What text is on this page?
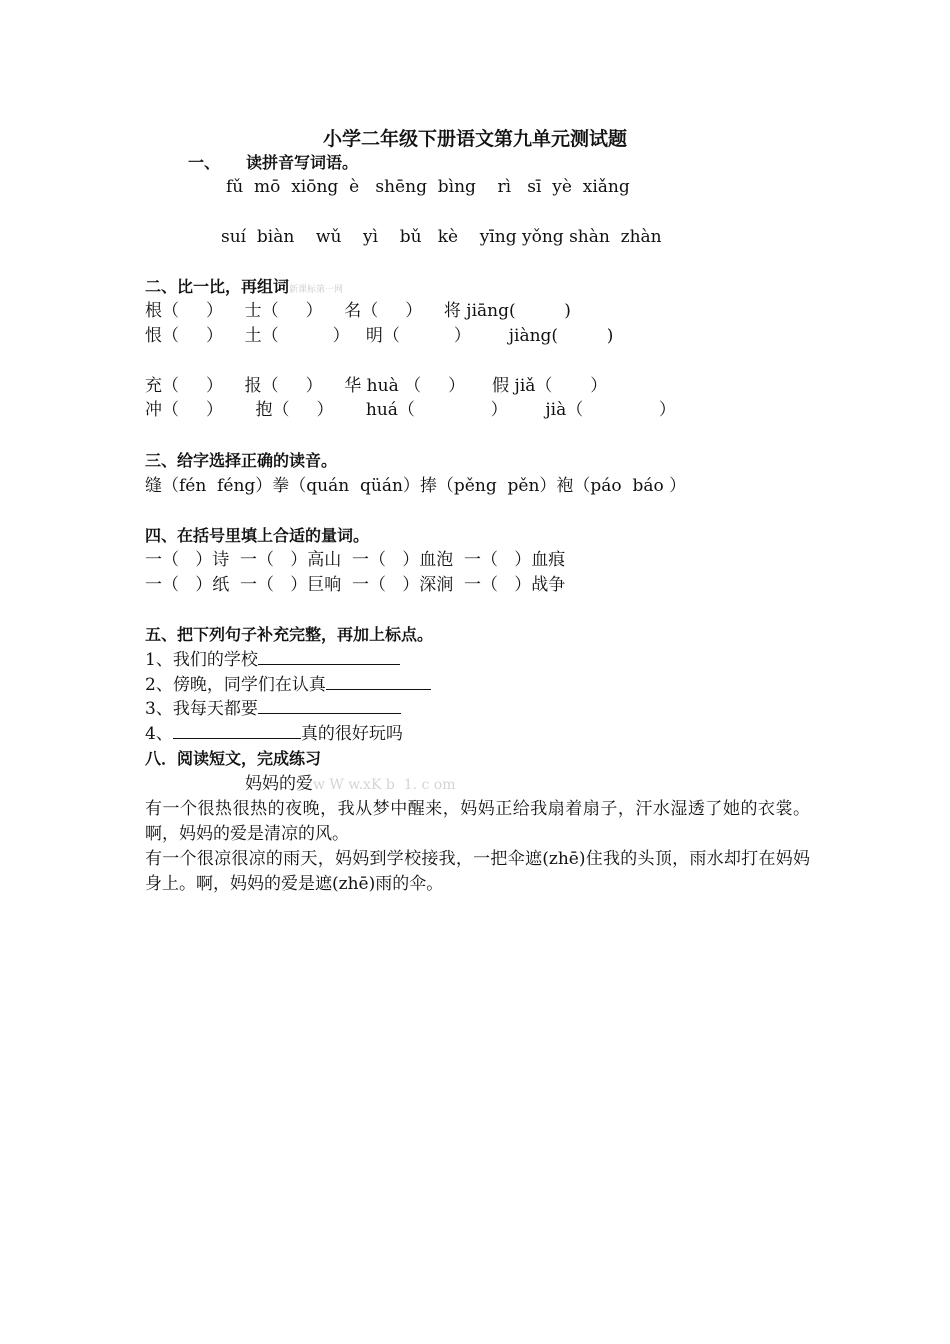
小学二年级下册语文第九单元测试题
一、 读拼音写词语。
fǔ  mō  xiōng  è   shēng  bìng    rì   sī  yè  xiǎng
suí  biàn    wǔ    yì    bǔ   kè    yīng yǒng shàn  zhàn
二、比一比，再组词新课标第一网
根（     ）    士（     ）    名（     ）    将 jiāng(         )
恨（     ）    土（          ）   明（          ）       jiàng(         )
充（     ）    报（     ）    华 huà （     ）     假 jiǎ（       ）
冲（     ）      抱（     ）      huá（              ）       jià（              ）
三、给字选择正确的读音。
缝（fén  féng）拳（quán  qüán）捧（pěng  pěn）袍（páo  báo ）
四、在括号里填上合适的量词。
一（   ）诗  一（   ）高山  一（   ）血泡  一（   ）血痕
一（   ）纸  一（   ）巨响  一（   ）深涧  一（   ）战争
五、把下列句子补充完整，再加上标点。
1、我们的学校
2、傍晚，同学们在认真
3、我每天都要
4、	真的很好玩吗
八．阅读短文，完成练习
妈妈的爱w W w.xK b  1. c om
有一个很热很热的夜晚，我从梦中醒来，妈妈正给我扇着扇子，汗水湿透了她的衣裳。啊，妈妈的爱是清凉的风。
有一个很凉很凉的雨天，妈妈到学校接我，一把伞遮(zhē)住我的头顶，雨水却打在妈妈身上。啊，妈妈的爱是遮(zhē)雨的伞。
